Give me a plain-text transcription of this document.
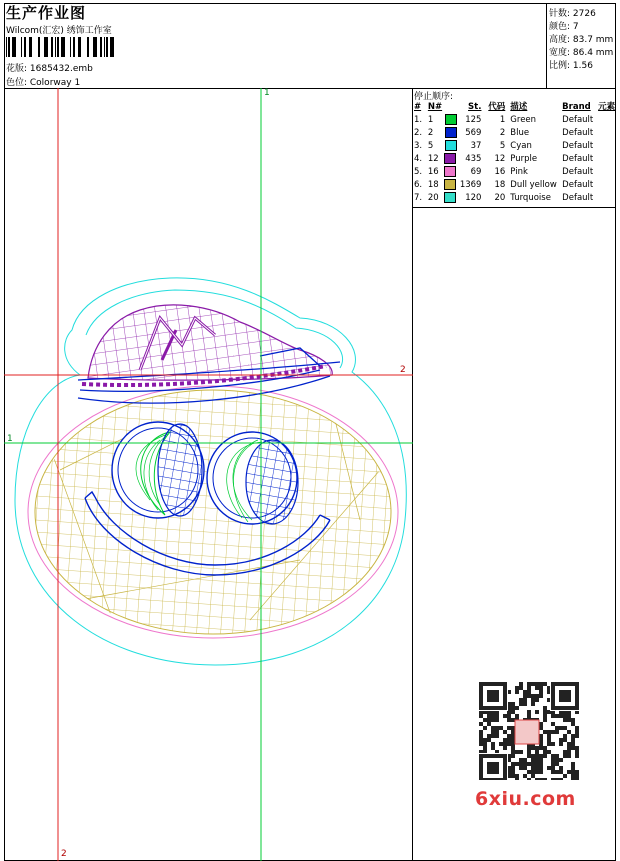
生产作业图
Wilcom(汇宏) 绣饰工作室
花版: 1685432.emb
色位: Colorway 1
针数: 2726
颜色: 7
高度: 83.7 mm
宽度: 86.4 mm
比例: 1.56
停止顺序:
#	N#	St.	代码	描述	Brand	元素
1.	1	125	1	Green	Default	
2.	2	569	2	Blue	Default	
3.	5	37	5	Cyan	Default	
4.	12	435	12	Purple	Default	
5.	16	69	16	Pink	Default	
6.	18	1369	18	Dull yellow	Default	
7.	20	120	20	Turquoise	Default	
1
2
1
2
6xiu.com
